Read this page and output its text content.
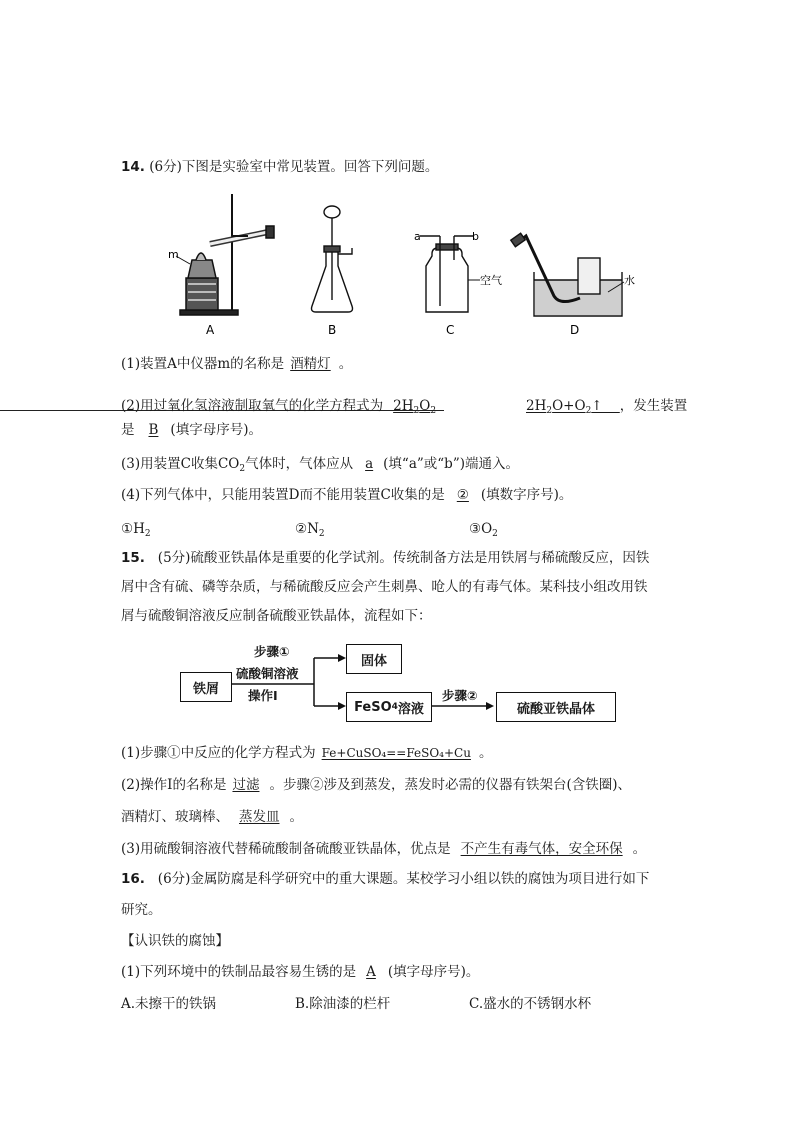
14. (6分)下图是实验室中常见装置。回答下列问题。
m
A	B
a	b
空气
C
水
D
(1)装置A中仪器m的名称是 酒精灯 。
(2)用过氧化氢溶液制取氧气的化学方程式为 $2H_2O_2$	$2H_2O+O_2↑$    ，发生装置
是 B (填字母序号)。
(3)用装置C收集$CO_2$气体时，气体应从 a (填“a”或“b”)端通入。
(4)下列气体中，只能用装置D而不能用装置C收集的是 ② (填数字序号)。
$①H_2$	$②N_2$	$③O_2$
15. (5分)硫酸亚铁晶体是重要的化学试剂。传统制备方法是用铁屑与稀硫酸反应，因铁
屑中含有硫、磷等杂质，与稀硫酸反应会产生刺鼻、呛人的有毒气体。某科技小组改用铁
屑与硫酸铜溶液反应制备硫酸亚铁晶体，流程如下：
铁屑
步骤①
硫酸铜溶液
操作Ⅰ
固体
FeSO 4 溶液
步骤②
硫酸亚铁晶体
(1)步骤①中反应的化学方程式为 Fe+CuSO₄==FeSO₄+Cu 。
(2)操作Ⅰ的名称是 过滤 。步骤②涉及到蒸发，蒸发时必需的仪器有铁架台(含铁圈)、
酒精灯、玻璃棒、 蒸发皿 。
(3)用硫酸铜溶液代替稀硫酸制备硫酸亚铁晶体，优点是 不产生有毒气体，安全环保 。
16. (6分)金属防腐是科学研究中的重大课题。某校学习小组以铁的腐蚀为项目进行如下
研究。
【认识铁的腐蚀】
(1)下列环境中的铁制品最容易生锈的是 A (填字母序号)。
A.未擦干的铁锅	B.除油漆的栏杆	C.盛水的不锈钢水杯
